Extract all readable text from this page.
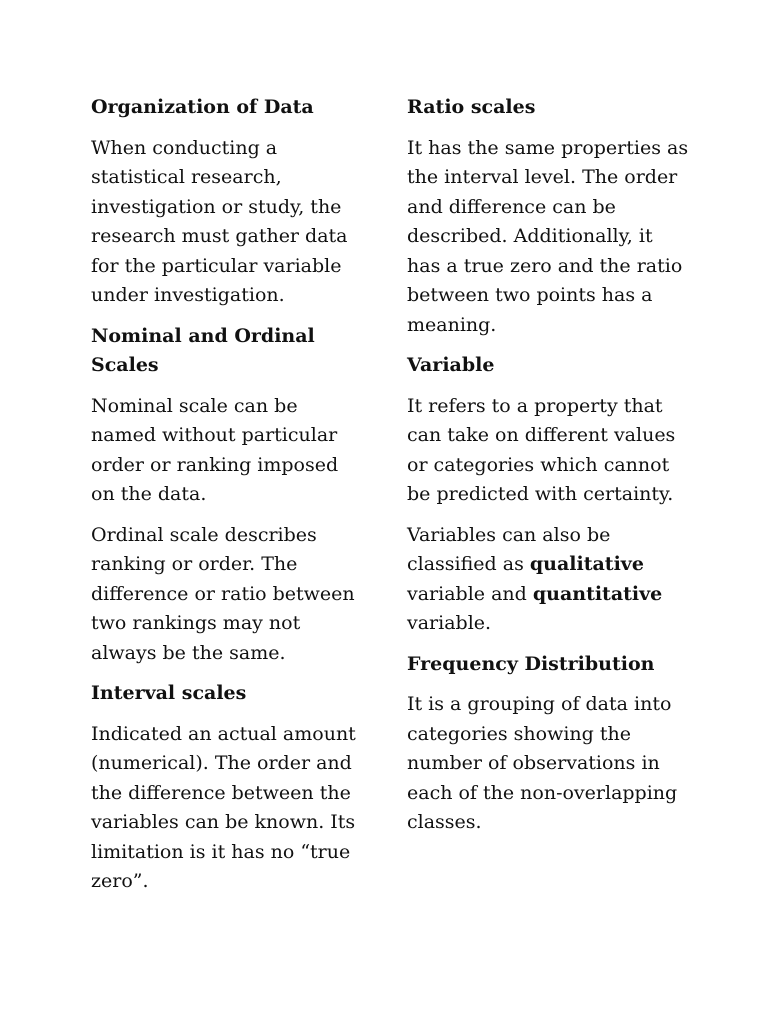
Organization of Data

When conducting a statistical research, investigation or study, the research must gather data for the particular variable under investigation.

Nominal and Ordinal Scales

Nominal scale can be named without particular order or ranking imposed on the data.

Ordinal scale describes ranking or order. The difference or ratio between two rankings may not always be the same.

Interval scales

Indicated an actual amount (numerical). The order and the difference between the variables can be known. Its limitation is it has no “true zero”.

Ratio scales

It has the same properties as the interval level. The order and difference can be described. Additionally, it has a true zero and the ratio between two points has a meaning.

Variable

It refers to a property that can take on different values or categories which cannot be predicted with certainty.

Variables can also be classified as qualitative variable and quantitative variable.

Frequency Distribution

It is a grouping of data into categories showing the number of observations in each of the non-overlapping classes.
